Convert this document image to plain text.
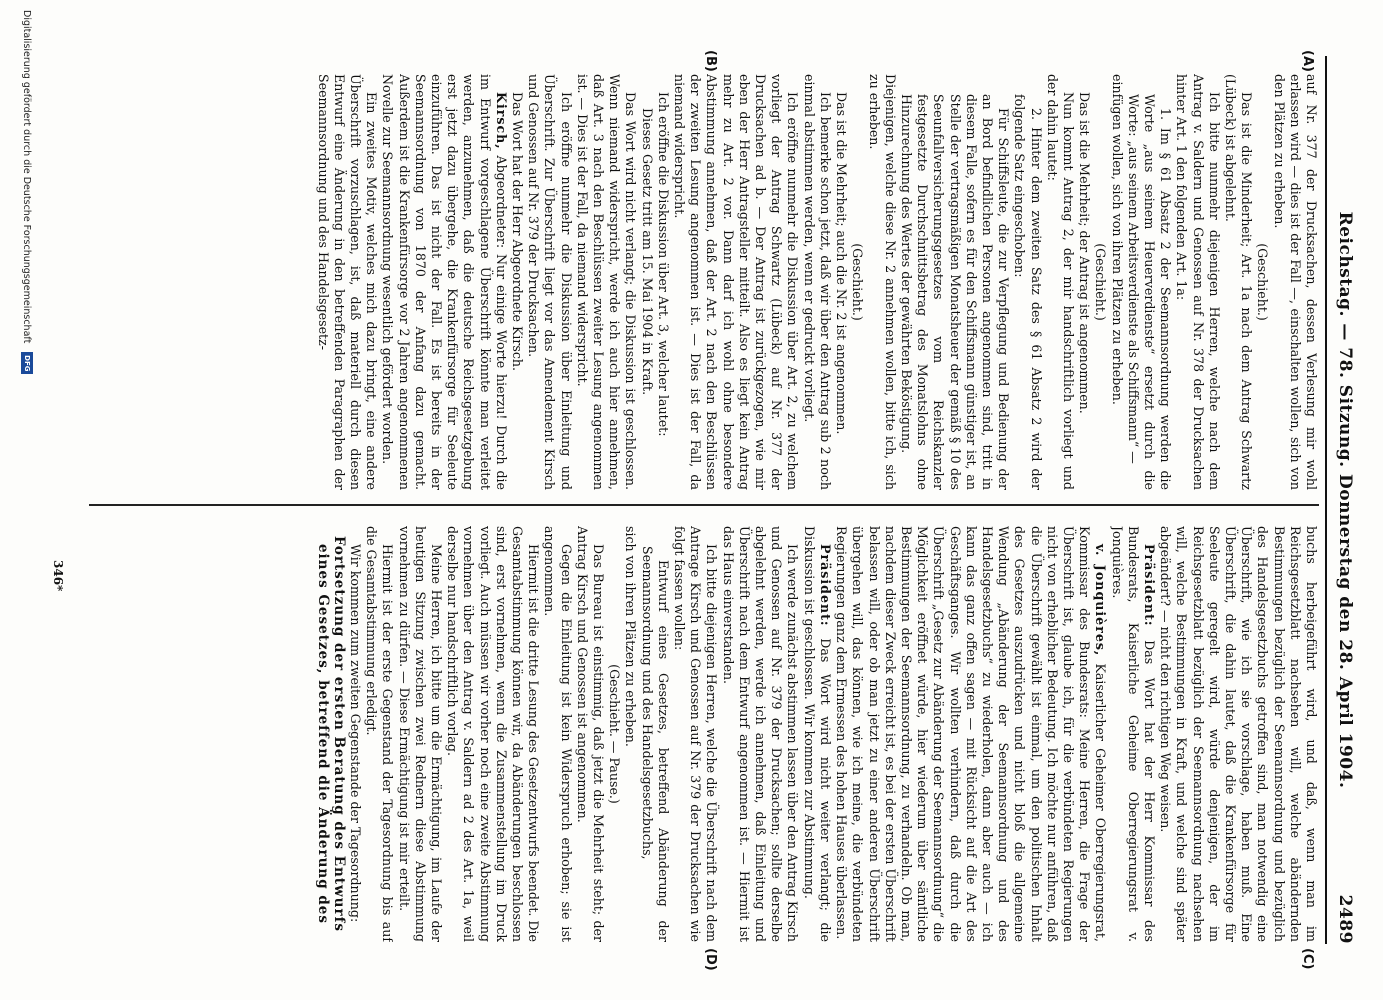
Reichstag. — 78. Sitzung. Donnerstag den 28. April 1904.
2489
(A)
(B)
(C)
(D)

auf Nr. 377 der Drucksachen, dessen Verlesung mir wohl erlassen wird — dies ist der Fall —, einschalten wollen, sich von den Plätzen zu erheben.

(Geschieht.)

Das ist die Minderheit; Art. 1a nach dem Antrag Schwartz (Lübeck) ist abgelehnt.

Ich bitte nunmehr diejenigen Herren, welche nach dem Antrag v. Saldern und Genossen auf Nr. 378 der Drucksachen hinter Art. 1 den folgenden Art. 1a:

1. Im § 61 Absatz 2 der Seemannsordnung werden die Worte „aus seinem Heuerverdienste“ ersetzt durch die Worte: „aus seinem Arbeitsverdienste als Schiffsmann“ —

einfügen wollen, sich von ihren Plätzen zu erheben.

(Geschieht.)

Das ist die Mehrheit; der Antrag ist angenommen.

Nun kommt Antrag 2, der mir handschriftlich vorliegt und der dahin lautet:

2. Hinter dem zweiten Satz des § 61 Absatz 2 wird der folgende Satz eingeschoben:

Für Schiffsleute, die zur Verpflegung und Bedienung der an Bord befindlichen Personen angenommen sind, tritt in diesem Falle, sofern es für den Schiffsmann günstiger ist, an Stelle der vertragsmäßigen Monatsheuer der gemäß § 10 des Seeunfallversicherungsgesetzes vom Reichskanzler festgesetzte Durchschnittsbetrag des Monatslohns ohne Hinzurechnung des Wertes der gewährten Beköstigung.

Diejenigen, welche diese Nr. 2 annehmen wollen, bitte ich, sich zu erheben.

(Geschieht.)

Das ist die Mehrheit; auch die Nr. 2 ist angenommen.

Ich bemerke schon jetzt, daß wir über den Antrag sub 2 noch einmal abstimmen werden, wenn er gedruckt vorliegt.

Ich eröffne nunmehr die Diskussion über Art. 2, zu welchem vorliegt der Antrag Schwartz (Lübeck) auf Nr. 377 der Drucksachen ad b. — Der Antrag ist zurückgezogen, wie mir eben der Herr Antragsteller mitteilt. Also es liegt kein Antrag mehr zu Art. 2 vor. Dann darf ich wohl ohne besondere Abstimmung annehmen, daß der Art. 2 nach den Beschlüssen der zweiten Lesung angenommen ist. — Dies ist der Fall, da niemand widerspricht.

Ich eröffne die Diskussion über Art. 3, welcher lautet:

Dieses Gesetz tritt am 15. Mai 1904 in Kraft.

Das Wort wird nicht verlangt; die Diskussion ist geschlossen. Wenn niemand widerspricht, werde ich auch hier annehmen, daß Art. 3 nach den Beschlüssen zweiter Lesung angenommen ist. — Dies ist der Fall, da niemand widerspricht.

Ich eröffne nunmehr die Diskussion über Einleitung und Überschrift. Zur Überschrift liegt vor das Amendement Kirsch und Genossen auf Nr. 379 der Drucksachen.

Das Wort hat der Herr Abgeordnete Kirsch.

Kirsch, Abgeordneter: Nur einige Worte hierzu! Durch die im Entwurf vorgeschlagene Überschrift könnte man verleitet werden, anzunehmen, daß die deutsche Reichsgesetzgebung erst jetzt dazu übergehe, die Krankenfürsorge für Seeleute einzuführen. Das ist nicht der Fall. Es ist bereits in der Seemannsordnung von 1870 der Anfang dazu gemacht. Außerdem ist die Krankenfürsorge vor 2 Jahren angenommenen Novelle zur Seemannsordnung wesentlich gefördert worden.

Ein zweites Motiv, welches mich dazu bringt, eine andere Überschrift vorzuschlagen, ist, daß materiell durch diesen Entwurf eine Änderung in den betreffenden Paragraphen der Seemannsordnung und des Handelsgesetz-

buchs herbeigeführt wird, und daß, wenn man im Reichsgesetzblatt nachsehen will, welche abändernden Bestimmungen bezüglich der Seemannsordnung und bezüglich des Handelsgesetzbuchs getroffen sind, man notwendig eine Überschrift, wie ich sie vorschlage, haben muß. Eine Überschrift, die dahin lautet, daß die Krankenfürsorge für Seeleute geregelt wird, würde denjenigen, der im Reichsgesetzblatt bezüglich der Seemannsordnung nachsehen will, welche Bestimmungen in Kraft, und welche sind später abgeändert? — nicht den richtigen Weg weisen.

Präsident: Das Wort hat der Herr Kommissar des Bundesrats, Kaiserliche Geheime Oberregierungsrat v. Jonquières.

v. Jonquières, Kaiserlicher Geheimer Oberregierungsrat, Kommissar des Bundesrats: Meine Herren, die Frage der Überschrift ist, glaube ich, für die verbündeten Regierungen nicht von erheblicher Bedeutung. Ich möchte nur anführen, daß die Überschrift gewählt ist einmal, um den politischen Inhalt des Gesetzes auszudrücken und nicht bloß die allgemeine Wendung „Abänderung der Seemannsordnung und des Handelsgesetzbuchs“ zu wiederholen, dann aber auch — ich kann das ganz offen sagen — mit Rücksicht auf die Art des Geschäftsganges. Wir wollten verhindern, daß durch die Überschrift „Gesetz zur Abänderung der Seemannsordnung“ die Möglichkeit eröffnet würde, hier wiederum über sämtliche Bestimmungen der Seemannsordnung, zu verhandeln. Ob man, nachdem dieser Zweck erreicht ist, es bei der ersten Überschrift belassen will, oder ob man jetzt zu einer anderen Überschrift übergehen will, das können, wie ich meine, die verbündeten Regierungen ganz dem Ermessen des hohen Hauses überlassen.

Präsident: Das Wort wird nicht weiter verlangt; die Diskussion ist geschlossen. Wir kommen zur Abstimmung.

Ich werde zunächst abstimmen lassen über den Antrag Kirsch und Genossen auf Nr. 379 der Drucksachen; sollte derselbe abgelehnt werden, werde ich annehmen, daß Einleitung und Überschrift nach dem Entwurf angenommen ist. — Hiermit ist das Haus einverstanden.

Ich bitte diejenigen Herren, welche die Überschrift nach dem Antrage Kirsch und Genossen auf Nr. 379 der Drucksachen wie folgt fassen wollen:

Entwurf eines Gesetzes, betreffend Abänderung der Seemannsordnung und des Handelsgesetzbuchs,

sich von ihren Plätzen zu erheben.

(Geschieht. — Pause.)

Das Bureau ist einstimmig, daß jetzt die Mehrheit steht; der Antrag Kirsch und Genossen ist angenommen.

Gegen die Einleitung ist kein Widerspruch erhoben; sie ist angenommen.

Hiermit ist die dritte Lesung des Gesetzentwurfs beendet. Die Gesamtabstimmung können wir, da Abänderungen beschlossen sind, erst vornehmen, wenn die Zusammenstellung im Druck vorliegt. Auch müssen wir vorher noch eine zweite Abstimmung vornehmen über den Antrag v. Saldern ad 2 des Art. 1a, weil derselbe nur handschriftlich vorlag.

Meine Herren, ich bitte um die Ermächtigung, im Laufe der heutigen Sitzung zwischen zwei Rednern diese Abstimmung vornehmen zu dürfen. — Diese Ermächtigung ist mir erteilt.

Hiermit ist der erste Gegenstand der Tagesordnung bis auf die Gesamtabstimmung erledigt.

Wir kommen zum zweiten Gegenstande der Tagesordnung:

Fortsetzung der ersten Beratung des Entwurfs eines Gesetzes, betreffend die Änderung des

346*
Digitalisierung gefördert durch die Deutsche Forschungsgemeinschaft DFG
